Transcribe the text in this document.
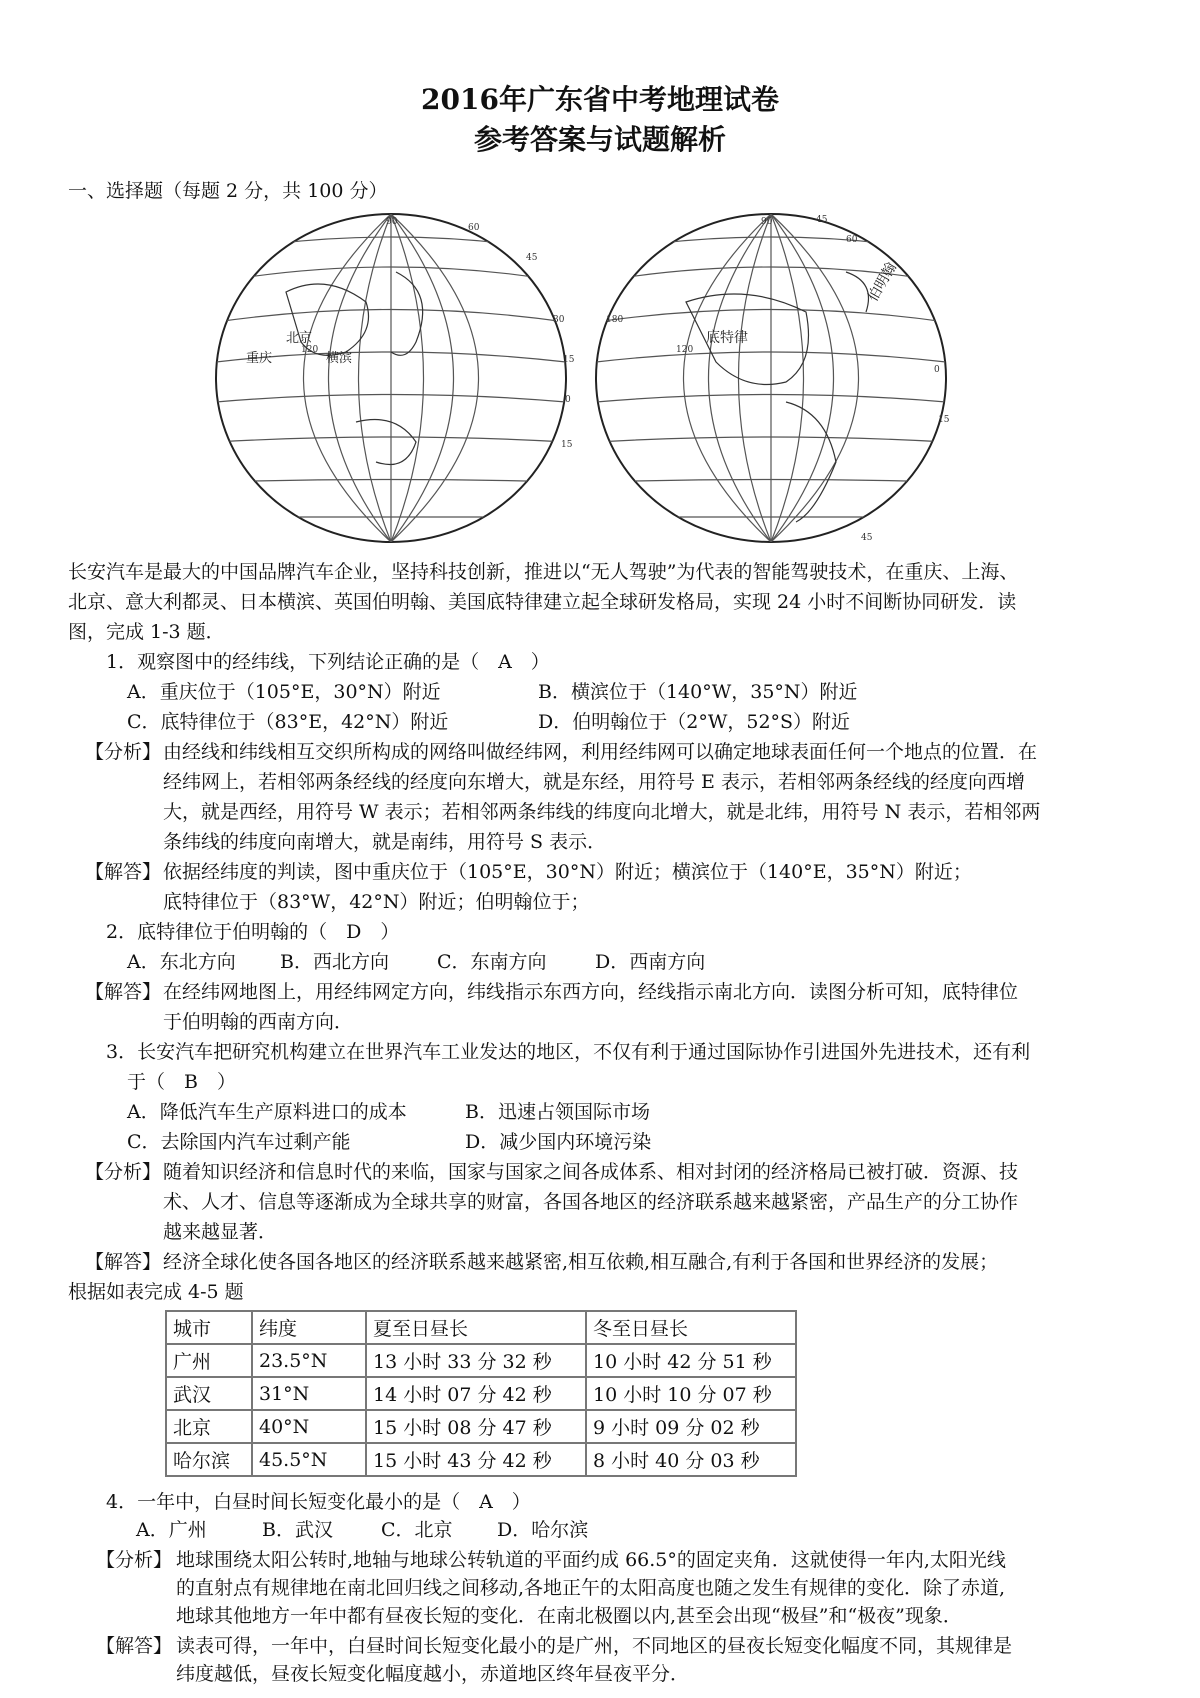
2016年广东省中考地理试卷
参考答案与试题解析
一、选择题（每题 2 分，共 100 分）
北京
横滨
重庆
90
60
45
30
15
0
15
120
底特律
伯明翰
45
60
180
0
15
45
120
90
长安汽车是最大的中国品牌汽车企业，坚持科技创新，推进以“无人驾驶”为代表的智能驾驶技术，在重庆、上海、
北京、意大利都灵、日本横滨、英国伯明翰、美国底特律建立起全球研发格局，实现 24 小时不间断协同研发．读
图，完成 1-3 题．
1．观察图中的经纬线，下列结论正确的是（　A　）
A．重庆位于（105°E，30°N）附近	B．横滨位于（140°W，35°N）附近
C．底特律位于（83°E，42°N）附近	D．伯明翰位于（2°W，52°S）附近
【分析】 由经线和纬线相互交织所构成的网络叫做经纬网，利用经纬网可以确定地球表面任何一个地点的位置．在
经纬网上，若相邻两条经线的经度向东增大，就是东经，用符号 E 表示，若相邻两条经线的经度向西增
大，就是西经，用符号 W 表示；若相邻两条纬线的纬度向北增大，就是北纬，用符号 N 表示，若相邻两
条纬线的纬度向南增大，就是南纬，用符号 S 表示．
【解答】 依据经纬度的判读，图中重庆位于（105°E，30°N）附近；横滨位于（140°E，35°N）附近；
底特律位于（83°W，42°N）附近；伯明翰位于；
2．底特律位于伯明翰的（　D　）
A．东北方向 B．西北方向	C．东南方向	D．西南方向
【解答】 在经纬网地图上，用经纬网定方向，纬线指示东西方向，经线指示南北方向．读图分析可知，底特律位
于伯明翰的西南方向．
3．长安汽车把研究机构建立在世界汽车工业发达的地区，不仅有利于通过国际协作引进国外先进技术，还有利
于（　B　）
A．降低汽车生产原料进口的成本	B．迅速占领国际市场
C．去除国内汽车过剩产能	D．减少国内环境污染
【分析】 随着知识经济和信息时代的来临，国家与国家之间各成体系、相对封闭的经济格局已被打破．资源、技
术、人才、信息等逐渐成为全球共享的财富，各国各地区的经济联系越来越紧密，产品生产的分工协作
越来越显著．
【解答】 经济全球化使各国各地区的经济联系越来越紧密,相互依赖,相互融合,有利于各国和世界经济的发展；
根据如表完成 4-5 题
城市	纬度	夏至日昼长	冬至日昼长
广州	23.5°N	13 小时 33 分 32 秒	10 小时 42 分 51 秒
武汉	31°N	14 小时 07 分 42 秒	10 小时 10 分 07 秒
北京	40°N	15 小时 08 分 47 秒	9 小时 09 分 02 秒
哈尔滨	45.5°N	15 小时 43 分 42 秒	8 小时 40 分 03 秒
4．一年中，白昼时间长短变化最小的是（　A　）
A．广州	B．武汉	C．北京 D．哈尔滨
【分析】 地球围绕太阳公转时,地轴与地球公转轨道的平面约成 66.5°的固定夹角．这就使得一年内,太阳光线
的直射点有规律地在南北回归线之间移动,各地正午的太阳高度也随之发生有规律的变化．除了赤道,
地球其他地方一年中都有昼夜长短的变化．在南北极圈以内,甚至会出现“极昼”和“极夜”现象．
【解答】 读表可得，一年中，白昼时间长短变化最小的是广州，不同地区的昼夜长短变化幅度不同，其规律是
纬度越低，昼夜长短变化幅度越小，赤道地区终年昼夜平分．
